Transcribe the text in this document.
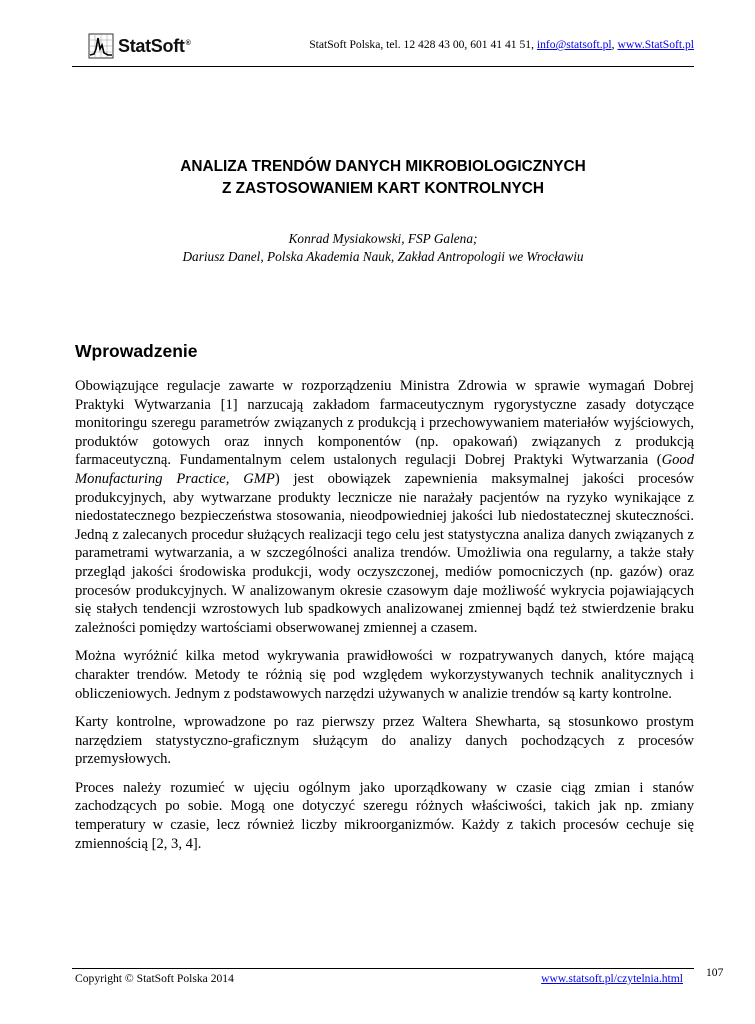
StatSoft®	StatSoft Polska, tel. 12 428 43 00, 601 41 41 51, info@statsoft.pl, www.StatSoft.pl
ANALIZA TRENDÓW DANYCH MIKROBIOLOGICZNYCH
Z ZASTOSOWANIEM KART KONTROLNYCH
Konrad Mysiakowski, FSP Galena;
Dariusz Danel, Polska Akademia Nauk, Zakład Antropologii we Wrocławiu
Wprowadzenie

Obowiązujące regulacje zawarte w rozporządzeniu Ministra Zdrowia w sprawie wymagań Dobrej Praktyki Wytwarzania [1] narzucają zakładom farmaceutycznym rygorystyczne zasady dotyczące monitoringu szeregu parametrów związanych z produkcją i przechowywaniem materiałów wyjściowych, produktów gotowych oraz innych komponentów (np. opakowań) związanych z produkcją farmaceutyczną. Fundamentalnym celem ustalonych regulacji Dobrej Praktyki Wytwarzania (Good Monufacturing Practice, GMP) jest obowiązek zapewnienia maksymalnej jakości procesów produkcyjnych, aby wytwarzane produkty lecznicze nie narażały pacjentów na ryzyko wynikające z niedostatecznego bezpieczeństwa stosowania, nieodpowiedniej jakości lub niedostatecznej skuteczności. Jedną z zalecanych procedur służących realizacji tego celu jest statystyczna analiza danych związanych z parametrami wytwarzania, a w szczególności analiza trendów. Umożliwia ona regularny, a także stały przegląd jakości środowiska produkcji, wody oczyszczonej, mediów pomocniczych (np. gazów) oraz procesów produkcyjnych. W analizowanym okresie czasowym daje możliwość wykrycia pojawiających się stałych tendencji wzrostowych lub spadkowych analizowanej zmiennej bądź też stwierdzenie braku zależności pomiędzy wartościami obserwowanej zmiennej a czasem.

Można wyróżnić kilka metod wykrywania prawidłowości w rozpatrywanych danych, które mającą charakter trendów. Metody te różnią się pod względem wykorzystywanych technik analitycznych i obliczeniowych. Jednym z podstawowych narzędzi używanych w analizie trendów są karty kontrolne.

Karty kontrolne, wprowadzone po raz pierwszy przez Waltera Shewharta, są stosunkowo prostym narzędziem statystyczno-graficznym służącym do analizy danych pochodzących z procesów przemysłowych.

Proces należy rozumieć w ujęciu ogólnym jako uporządkowany w czasie ciąg zmian i stanów zachodzących po sobie. Mogą one dotyczyć szeregu różnych właściwości, takich jak np. zmiany temperatury w czasie, lecz również liczby mikroorganizmów. Każdy z takich procesów cechuje się zmiennością [2, 3, 4].

Copyright © StatSoft Polska 2014	www.statsoft.pl/czytelnia.html 107
